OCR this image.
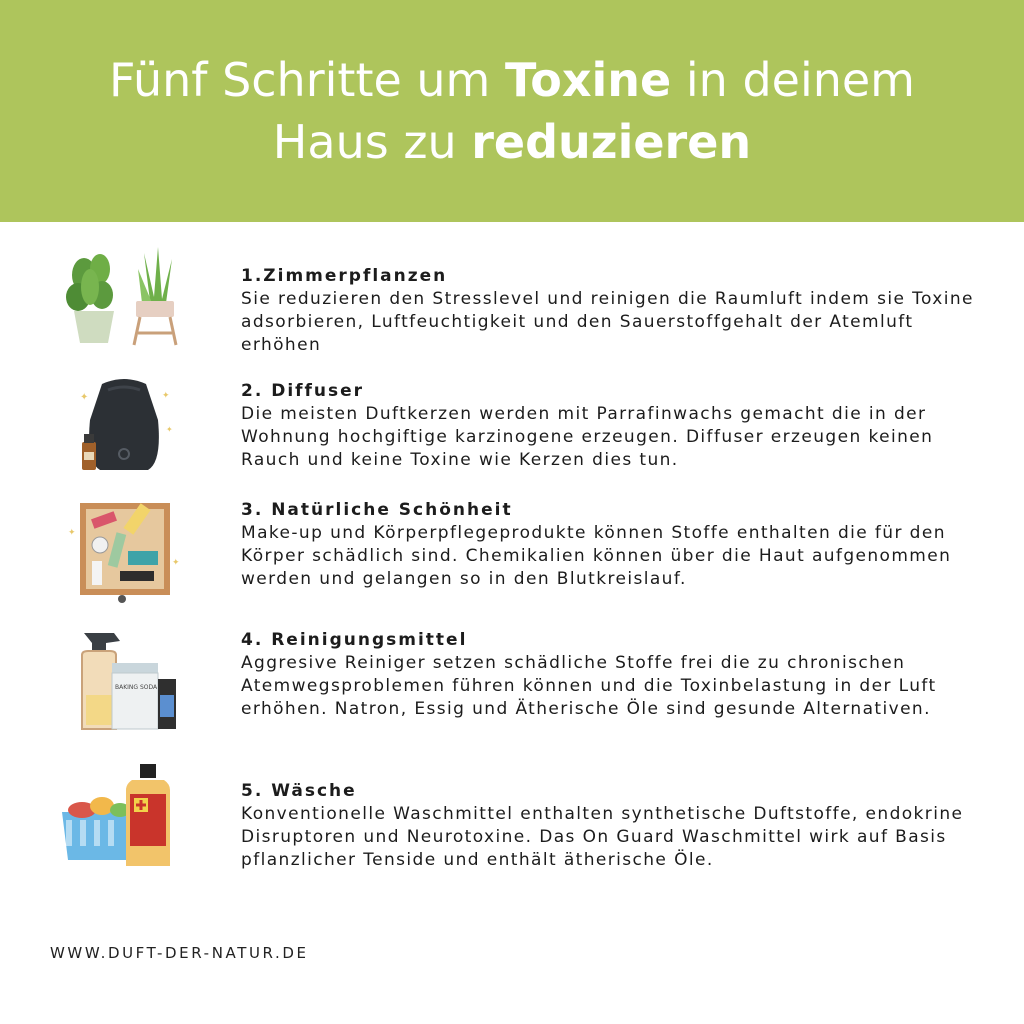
Fünf Schritte um Toxine in deinem
Haus zu reduzieren
1.Zimmerpflanzen
Sie reduzieren den Stresslevel und reinigen die Raumluft indem sie Toxine adsorbieren, Luftfeuchtigkeit und den Sauerstoffgehalt der Atemluft erhöhen
✦	✦
✦
2. Diffuser
Die meisten Duftkerzen werden mit Parrafinwachs gemacht die in der Wohnung hochgiftige karzinogene erzeugen. Diffuser erzeugen keinen Rauch und keine Toxine wie Kerzen dies tun.
✦
✦
3. Natürliche Schönheit
Make-up und Körperpflegeprodukte können Stoffe enthalten die für den Körper schädlich sind. Chemikalien können über die Haut aufgenommen werden und gelangen so in den Blutkreislauf.
BAKING SODA
4. Reinigungsmittel
Aggresive Reiniger setzen schädliche Stoffe frei die zu chronischen Atemwegsproblemen führen können und die Toxinbelastung in der Luft erhöhen. Natron, Essig und Ätherische Öle sind gesunde Alternativen.
5. Wäsche
Konventionelle Waschmittel enthalten synthetische Duftstoffe, endokrine Disruptoren und Neurotoxine. Das On Guard Waschmittel wirk auf Basis pflanzlicher Tenside und enthält ätherische Öle.
WWW.DUFT-DER-NATUR.DE
